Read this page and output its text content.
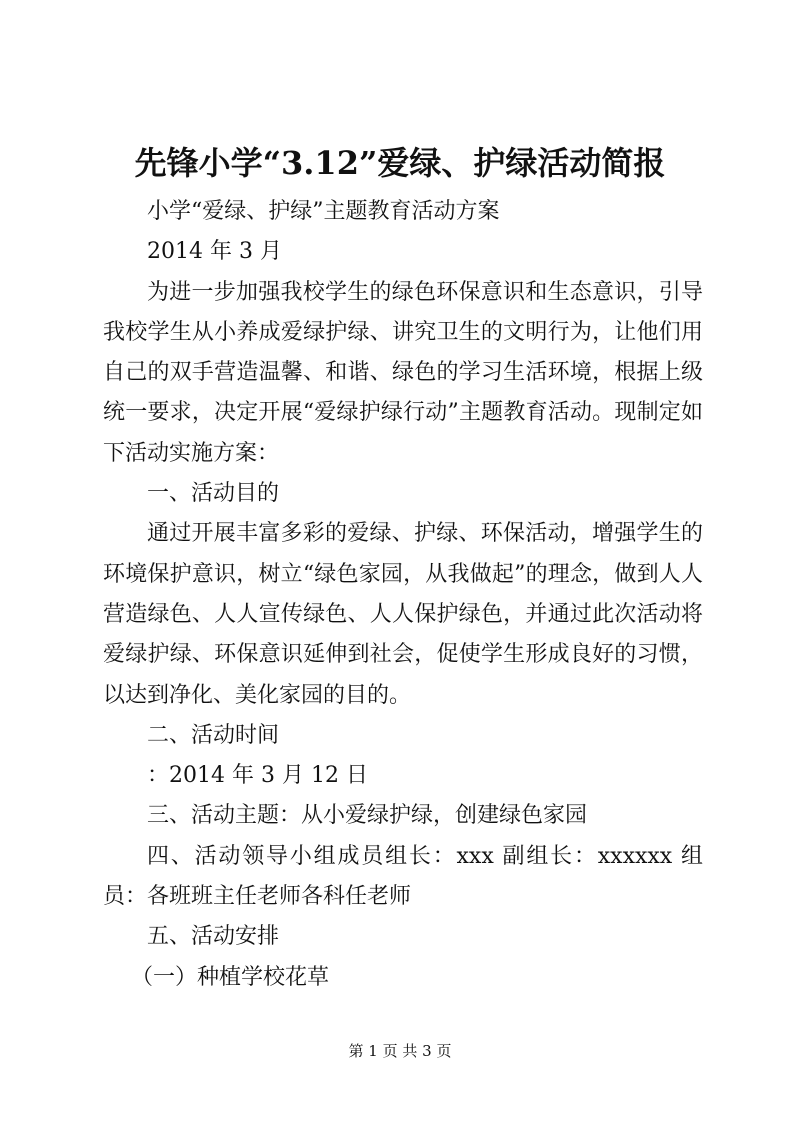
先锋小学“3.12”爱绿、护绿活动简报

小学“爱绿、护绿”主题教育活动方案

2014 年 3 月

为进一步加强我校学生的绿色环保意识和生态意识，引导我校学生从小养成爱绿护绿、讲究卫生的文明行为，让他们用自己的双手营造温馨、和谐、绿色的学习生活环境，根据上级统一要求，决定开展“爱绿护绿行动”主题教育活动。现制定如下活动实施方案：

一、活动目的

通过开展丰富多彩的爱绿、护绿、环保活动，增强学生的环境保护意识，树立“绿色家园，从我做起”的理念，做到人人营造绿色、人人宣传绿色、人人保护绿色，并通过此次活动将爱绿护绿、环保意识延伸到社会，促使学生形成良好的习惯，以达到净化、美化家园的目的。

二、活动时间

：2014 年 3 月 12 日

三、活动主题：从小爱绿护绿，创建绿色家园

四、活动领导小组成员组长：xxx 副组长：xxxxxx 组员：各班班主任老师各科任老师

五、活动安排

（一）种植学校花草

第 1 页 共 3 页
